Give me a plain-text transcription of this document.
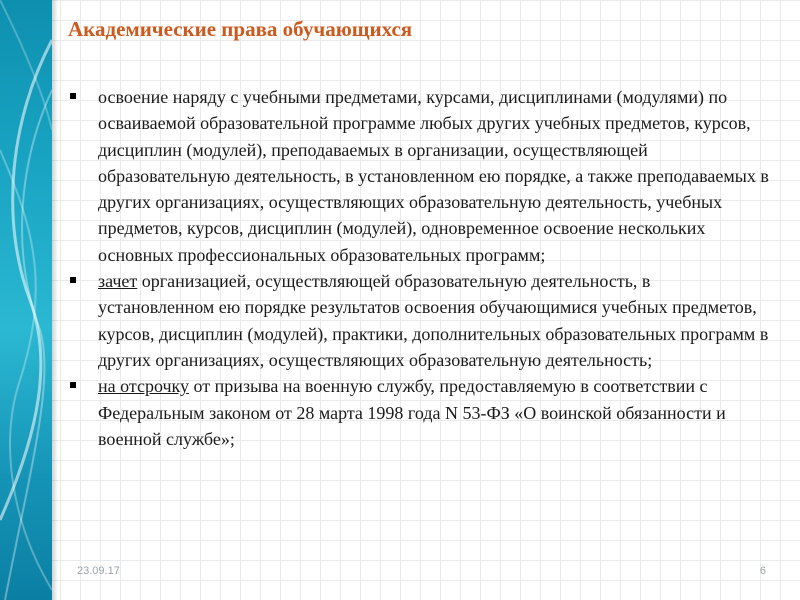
Академические права обучающихся
освоение наряду с учебными предметами, курсами, дисциплинами (модулями) по осваиваемой образовательной программе любых других учебных предметов, курсов, дисциплин (модулей), преподаваемых в организации, осуществляющей образовательную деятельность, в установленном ею порядке, а также преподаваемых в других организациях, осуществляющих образовательную деятельность, учебных предметов, курсов, дисциплин (модулей), одновременное освоение нескольких основных профессиональных образовательных программ;
зачет организацией, осуществляющей образовательную деятельность, в установленном ею порядке результатов освоения обучающимися учебных предметов, курсов, дисциплин (модулей), практики, дополнительных образовательных программ в других организациях, осуществляющих образовательную деятельность;
на отсрочку от призыва на военную службу, предоставляемую в соответствии с Федеральным законом от 28 марта 1998 года N 53-ФЗ «О воинской обязанности и военной службе»;
23.09.17	6
